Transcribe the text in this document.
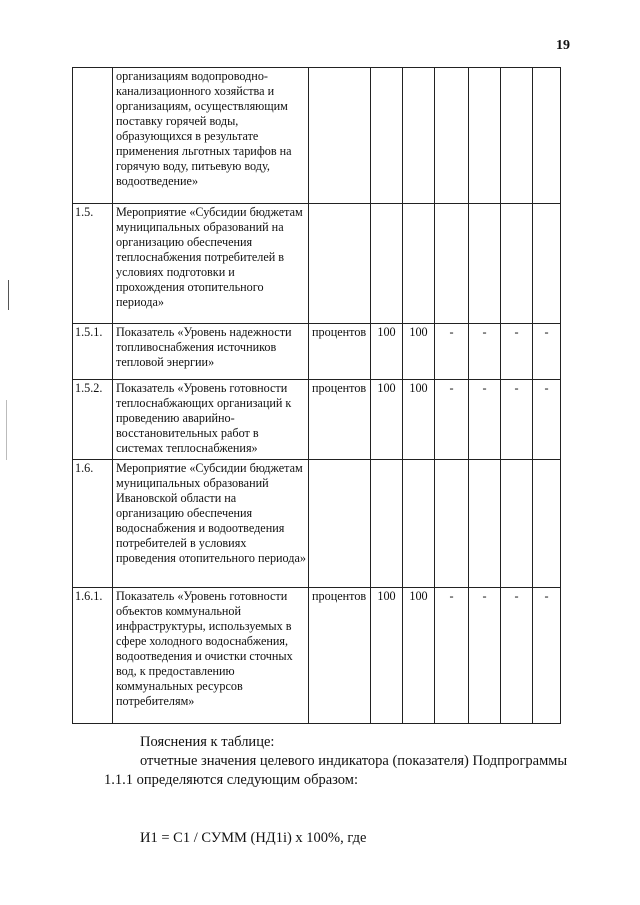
19
	организациям водопроводно-канализационного хозяйства и организациям, осуществляющим поставку горячей воды, образующихся в результате применения льготных тарифов на горячую воду, питьевую воду, водоотведение»							
1.5.	Мероприятие «Субсидии бюджетам муниципальных образований на организацию обеспечения теплоснабжения потребителей в условиях подготовки и прохождения отопительного периода»							
1.5.1.	Показатель «Уровень надежности топливоснабжения источников тепловой энергии»	процентов	100	100	-	-	-	-
1.5.2.	Показатель «Уровень готовности теплоснабжающих организаций к проведению аварийно-восстановительных работ в системах теплоснабжения»	процентов	100	100	-	-	-	-
1.6.	Мероприятие «Субсидии бюджетам муниципальных образований Ивановской области на организацию обеспечения водоснабжения и водоотведения потребителей в условиях проведения отопительного периода»							
1.6.1.	Показатель «Уровень готовности объектов коммунальной инфраструктуры, используемых в сфере холодного водоснабжения, водоотведения и очистки сточных вод, к предоставлению коммунальных ресурсов потребителям»	процентов	100	100	-	-	-	-
Пояснения к таблице:
отчетные значения целевого индикатора (показателя) Подпрограммы
1.1.1 определяются следующим образом:
И1 = С1 / СУММ (НД1i) х 100%, где
